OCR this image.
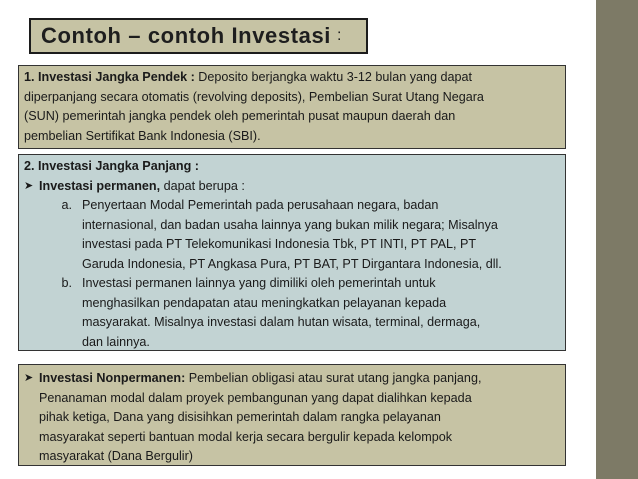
Contoh – contoh Investasi :
1. Investasi Jangka Pendek : Deposito berjangka waktu 3-12 bulan yang dapat
diperpanjang secara otomatis (revolving deposits), Pembelian Surat Utang Negara
(SUN) pemerintah jangka pendek oleh pemerintah pusat maupun daerah dan
pembelian Sertifikat Bank Indonesia (SBI).
2. Investasi Jangka Panjang :
➤ Investasi permanen, dapat berupa :
a. Penyertaan Modal Pemerintah pada perusahaan negara, badan
internasional, dan badan usaha lainnya yang bukan milik negara; Misalnya
investasi pada PT Telekomunikasi Indonesia Tbk, PT INTI, PT PAL, PT
Garuda Indonesia, PT Angkasa Pura, PT BAT, PT Dirgantara Indonesia, dll.
b. Investasi permanen lainnya yang dimiliki oleh pemerintah untuk
menghasilkan pendapatan atau meningkatkan pelayanan kepada
masyarakat. Misalnya investasi dalam hutan wisata, terminal, dermaga,
dan lainnya.
➤ Investasi Nonpermanen: Pembelian obligasi atau surat utang jangka panjang,
Penanaman modal dalam proyek pembangunan yang dapat dialihkan kepada
pihak ketiga, Dana yang disisihkan pemerintah dalam rangka pelayanan
masyarakat seperti bantuan modal kerja secara bergulir kepada kelompok
masyarakat (Dana Bergulir)
